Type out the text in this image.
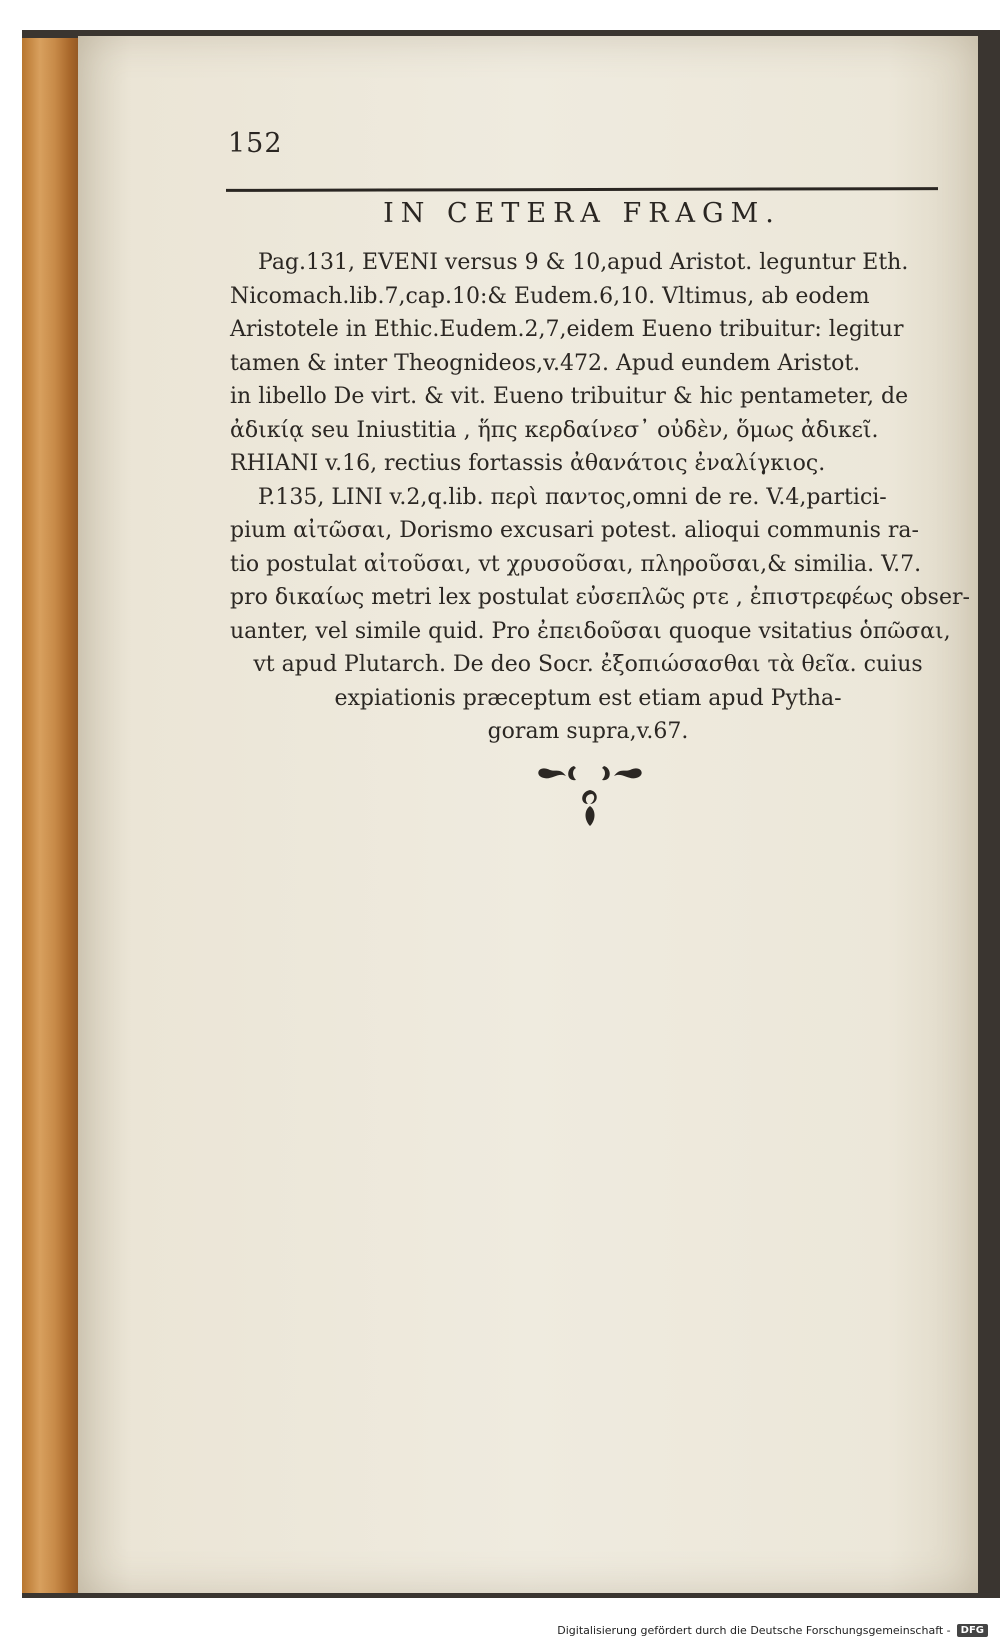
152
IN CETERA FRAGM.
Pag.131, EVENI versus 9 & 10,apud Aristot. leguntur Eth.
Nicomach.lib.7,cap.10:& Eudem.6,10. Vltimus, ab eodem
Aristotele in Ethic.Eudem.2,7,eidem Eueno tribuitur: legitur
tamen & inter Theognideos,v.472. Apud eundem Aristot.
in libello De virt. & vit. Eueno tribuitur & hic pentameter, de
ἀδικίᾳ seu Iniustitia , ἥπς κερδαίνεσ᾽ οὐδὲν, ὅμως ἀδικεῖ.
RHIANI v.16, rectius fortassis ἀθανάτοις ἐναλίγκιος.
P.135, LINI v.2,q.lib. περὶ παντος,omni de re. V.4,partici-
pium αἰτῶσαι, Dorismo excusari potest. alioqui communis ra-
tio postulat αἰτοῦσαι, vt χρυσοῦσαι, πληροῦσαι,& similia. V.7.
pro δικαίως metri lex postulat εὐσεπλῶς ρτε , ἐπιστρεφέως obser-
uanter, vel simile quid. Pro ἐπειδοῦσαι quoque vsitatius ὁπῶσαι,
vt apud Plutarch. De deo Socr. ἐξοπιώσασθαι τὰ θεῖα. cuius
expiationis præceptum est etiam apud Pytha-
goram supra,v.67.
Digitalisierung gefördert durch die Deutsche Forschungsgemeinschaft -	DFG
